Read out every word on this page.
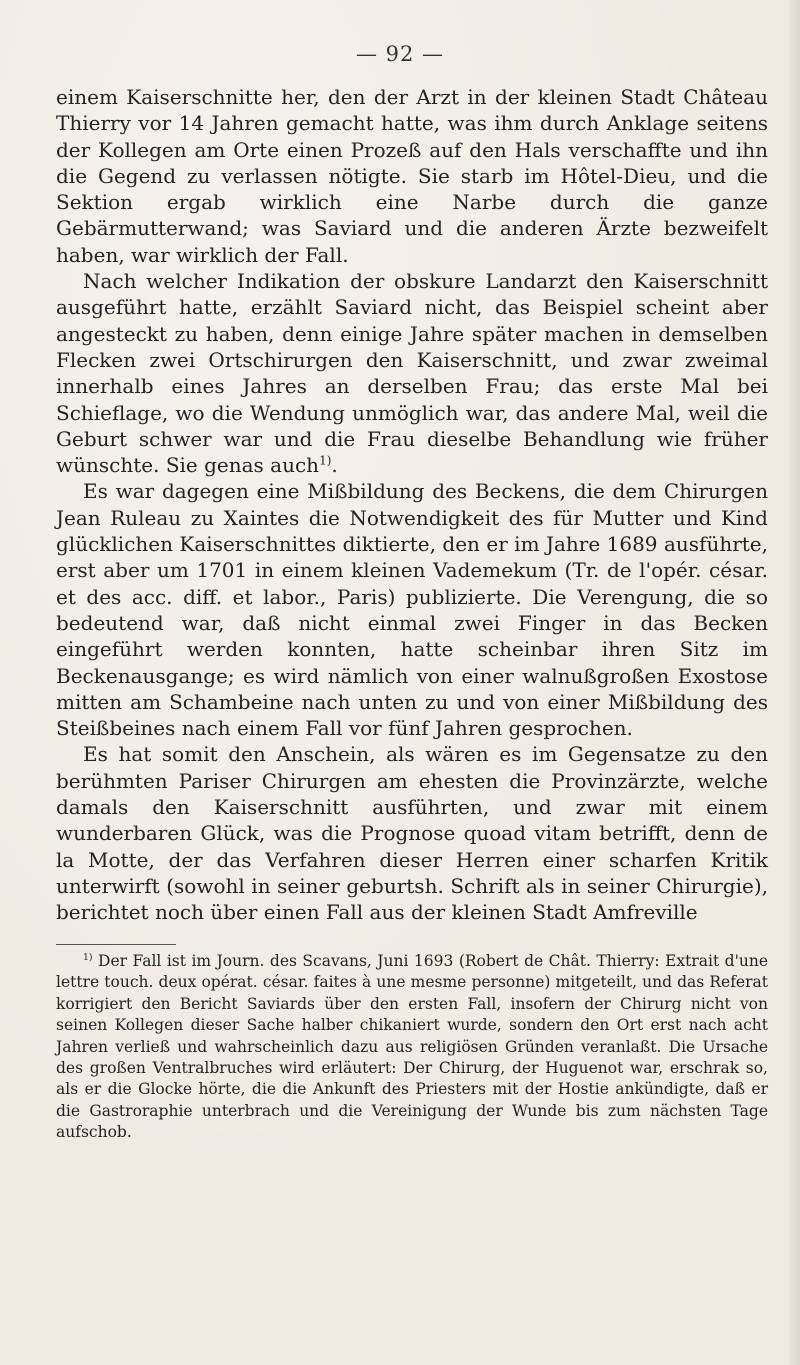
— 92 —

einem Kaiserschnitte her, den der Arzt in der kleinen Stadt Château Thierry vor 14 Jahren gemacht hatte, was ihm durch Anklage seitens der Kollegen am Orte einen Prozeß auf den Hals verschaffte und ihn die Gegend zu verlassen nötigte. Sie starb im Hôtel-Dieu, und die Sektion ergab wirklich eine Narbe durch die ganze Gebärmutterwand; was Saviard und die anderen Ärzte bezweifelt haben, war wirklich der Fall.

Nach welcher Indikation der obskure Landarzt den Kaiserschnitt ausgeführt hatte, erzählt Saviard nicht, das Beispiel scheint aber angesteckt zu haben, denn einige Jahre später machen in demselben Flecken zwei Ortschirurgen den Kaiserschnitt, und zwar zweimal innerhalb eines Jahres an derselben Frau; das erste Mal bei Schieflage, wo die Wendung unmöglich war, das andere Mal, weil die Geburt schwer war und die Frau dieselbe Behandlung wie früher wünschte. Sie genas auch$^{1)}$.

Es war dagegen eine Mißbildung des Beckens, die dem Chirurgen Jean Ruleau zu Xaintes die Notwendigkeit des für Mutter und Kind glücklichen Kaiserschnittes diktierte, den er im Jahre 1689 ausführte, erst aber um 1701 in einem kleinen Vademekum (Tr. de l'opér. césar. et des acc. diff. et labor., Paris) publizierte. Die Verengung, die so bedeutend war, daß nicht einmal zwei Finger in das Becken eingeführt werden konnten, hatte scheinbar ihren Sitz im Beckenausgange; es wird nämlich von einer walnußgroßen Exostose mitten am Schambeine nach unten zu und von einer Mißbildung des Steißbeines nach einem Fall vor fünf Jahren gesprochen.

Es hat somit den Anschein, als wären es im Gegensatze zu den berühmten Pariser Chirurgen am ehesten die Provinzärzte, welche damals den Kaiserschnitt ausführten, und zwar mit einem wunderbaren Glück, was die Prognose quoad vitam betrifft, denn de la Motte, der das Verfahren dieser Herren einer scharfen Kritik unterwirft (sowohl in seiner geburtsh. Schrift als in seiner Chirurgie), berichtet noch über einen Fall aus der kleinen Stadt Amfreville

$^{1)}$ Der Fall ist im Journ. des Scavans, Juni 1693 (Robert de Chât. Thierry: Extrait d'une lettre touch. deux opérat. césar. faites à une mesme personne) mitgeteilt, und das Referat korrigiert den Bericht Saviards über den ersten Fall, insofern der Chirurg nicht von seinen Kollegen dieser Sache halber chikaniert wurde, sondern den Ort erst nach acht Jahren verließ und wahrscheinlich dazu aus religiösen Gründen veranlaßt. Die Ursache des großen Ventralbruches wird erläutert: Der Chirurg, der Huguenot war, erschrak so, als er die Glocke hörte, die die Ankunft des Priesters mit der Hostie ankündigte, daß er die Gastroraphie unterbrach und die Vereinigung der Wunde bis zum nächsten Tage aufschob.
